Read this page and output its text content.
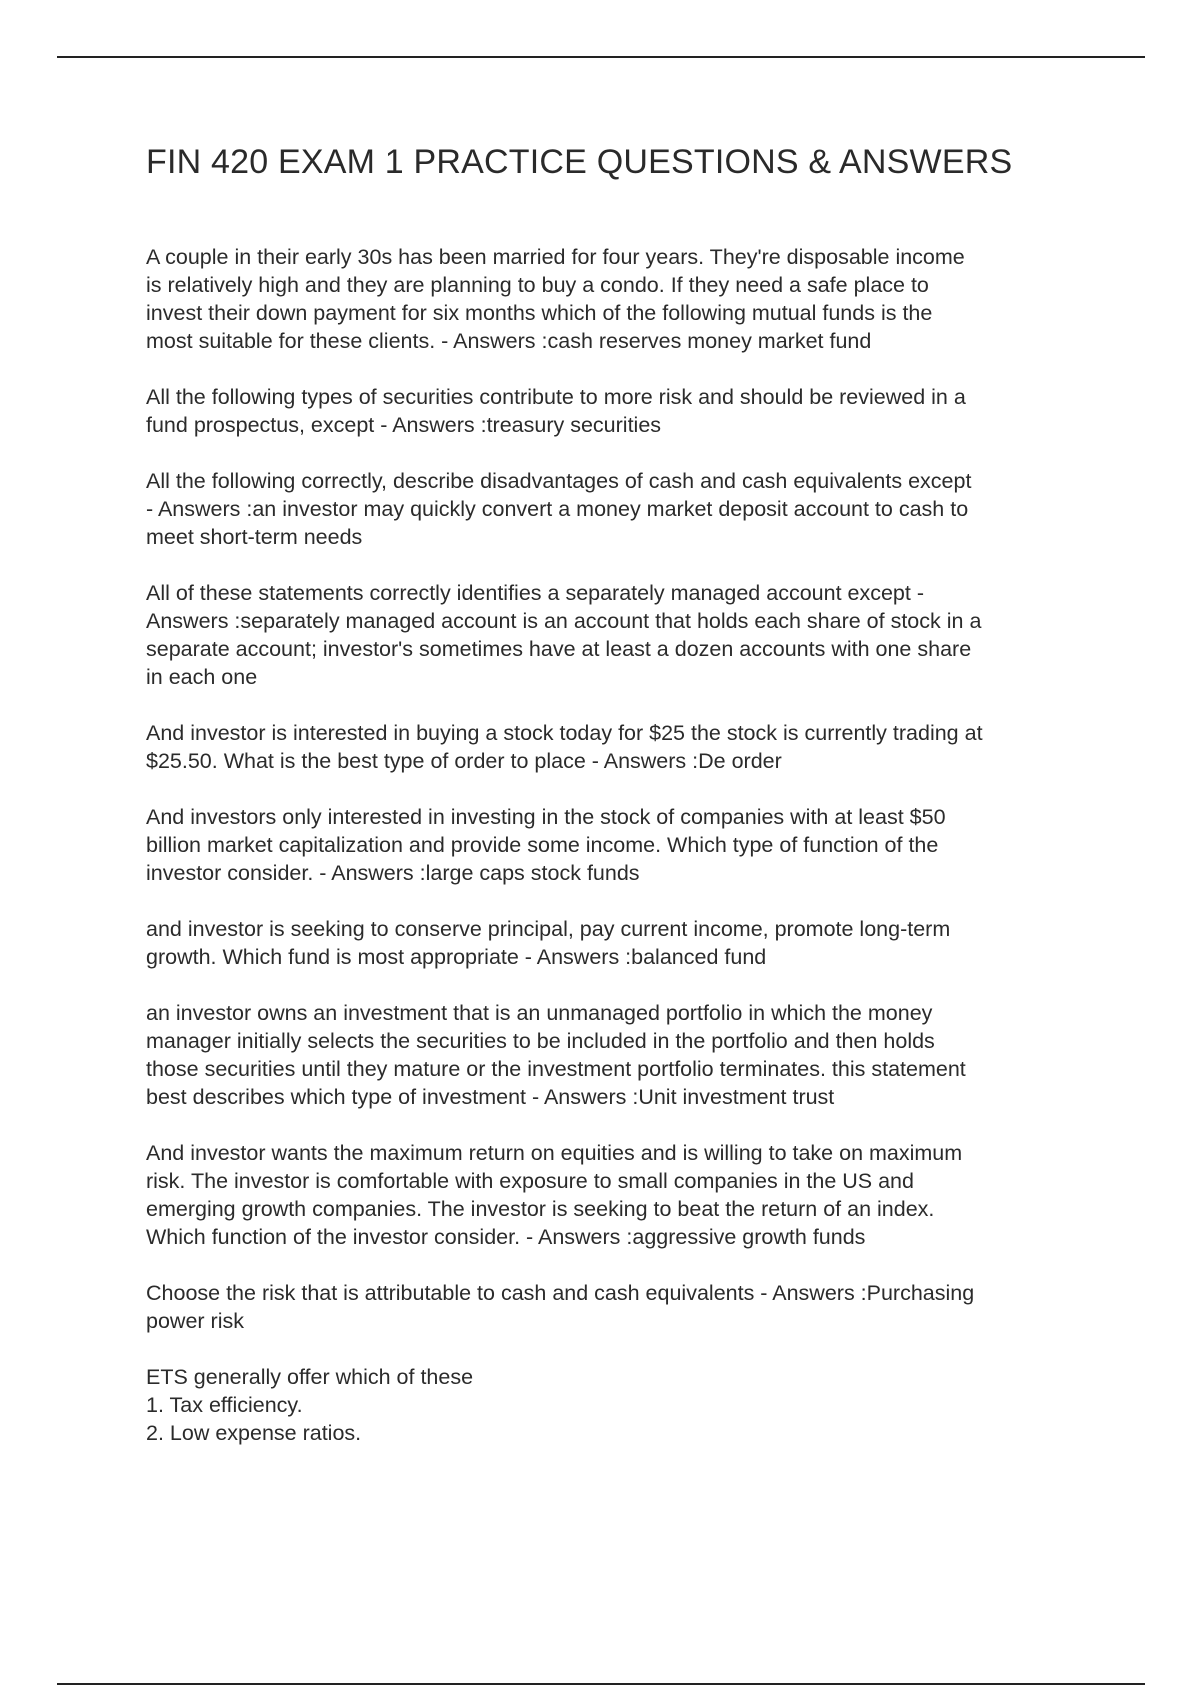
FIN 420 EXAM 1 PRACTICE QUESTIONS & ANSWERS

A couple in their early 30s has been married for four years. They're disposable income
is relatively high and they are planning to buy a condo. If they need a safe place to
invest their down payment for six months which of the following mutual funds is the
most suitable for these clients. - Answers :cash reserves money market fund

All the following types of securities contribute to more risk and should be reviewed in a
fund prospectus, except - Answers :treasury securities

All the following correctly, describe disadvantages of cash and cash equivalents except
- Answers :an investor may quickly convert a money market deposit account to cash to
meet short-term needs

All of these statements correctly identifies a separately managed account except -
Answers :separately managed account is an account that holds each share of stock in a
separate account; investor's sometimes have at least a dozen accounts with one share
in each one

And investor is interested in buying a stock today for $25 the stock is currently trading at
$25.50. What is the best type of order to place - Answers :De order

And investors only interested in investing in the stock of companies with at least $50
billion market capitalization and provide some income. Which type of function of the
investor consider. - Answers :large caps stock funds

and investor is seeking to conserve principal, pay current income, promote long-term
growth. Which fund is most appropriate - Answers :balanced fund

an investor owns an investment that is an unmanaged portfolio in which the money
manager initially selects the securities to be included in the portfolio and then holds
those securities until they mature or the investment portfolio terminates. this statement
best describes which type of investment - Answers :Unit investment trust

And investor wants the maximum return on equities and is willing to take on maximum
risk. The investor is comfortable with exposure to small companies in the US and
emerging growth companies. The investor is seeking to beat the return of an index.
Which function of the investor consider. - Answers :aggressive growth funds

Choose the risk that is attributable to cash and cash equivalents - Answers :Purchasing
power risk

ETS generally offer which of these
1. Tax efficiency.
2. Low expense ratios.
